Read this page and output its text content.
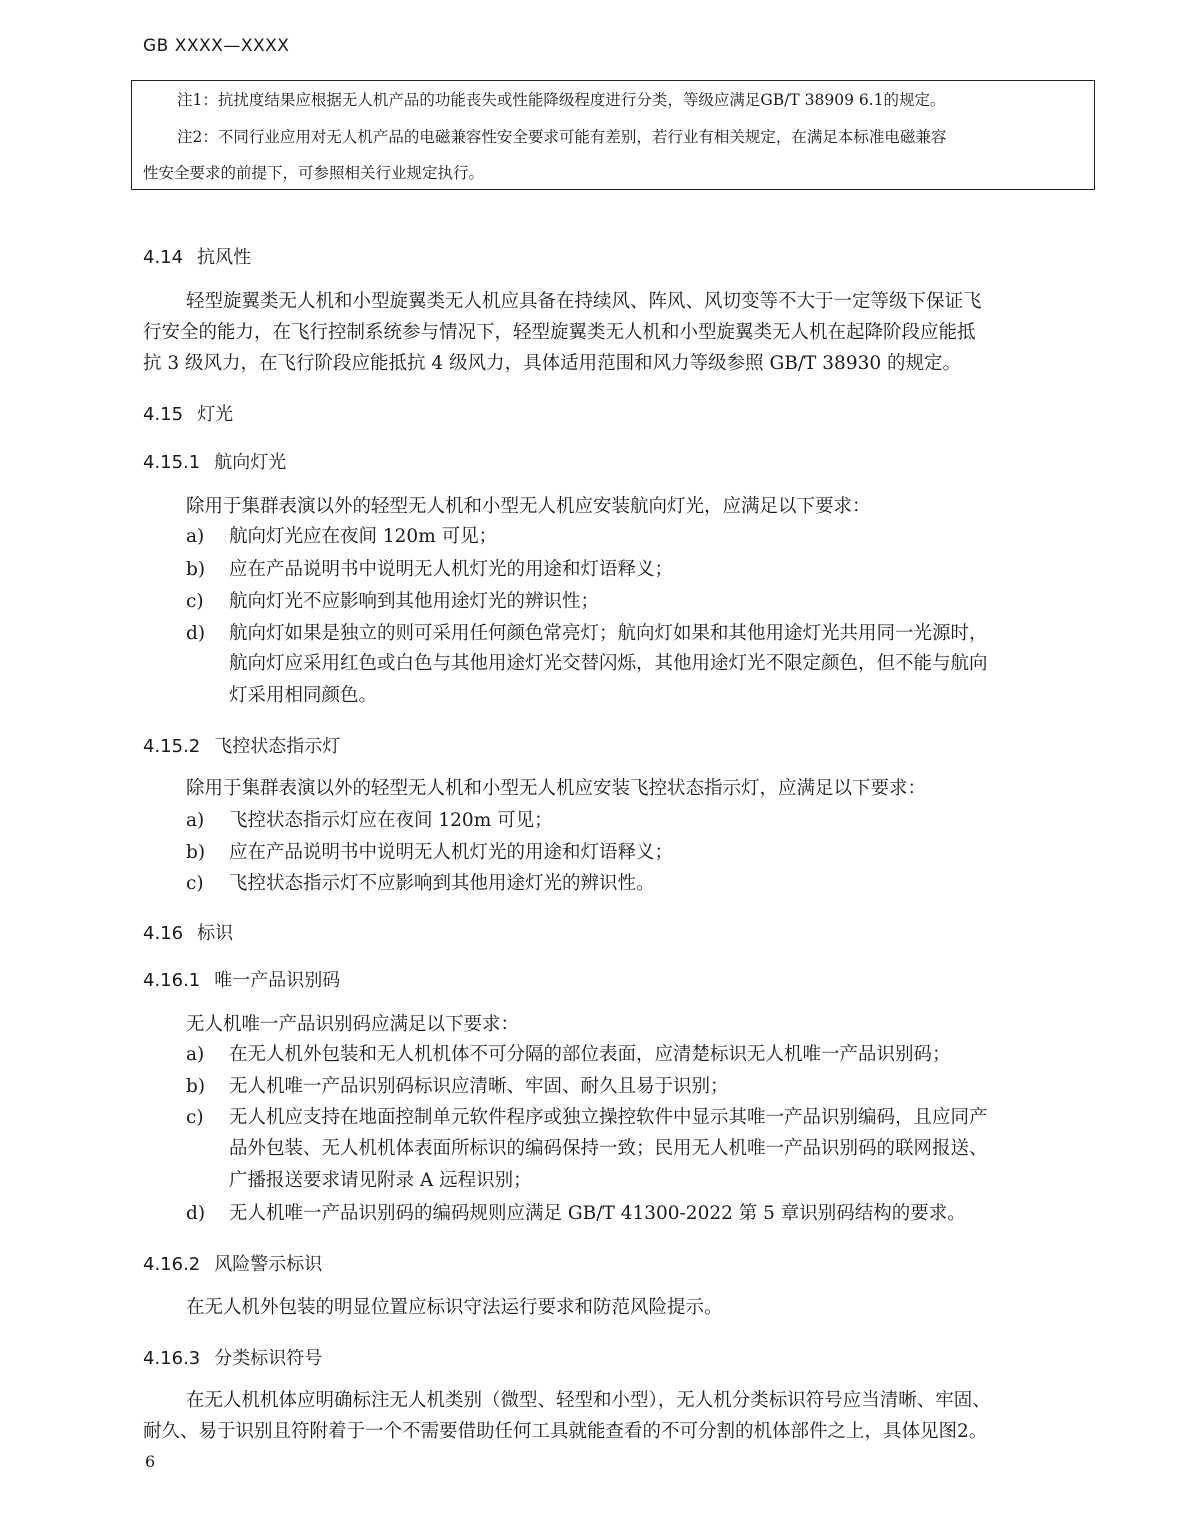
GB XXXX—XXXX
注1：抗扰度结果应根据无人机产品的功能丧失或性能降级程度进行分类，等级应满足GB/T 38909 6.1的规定。
注2：不同行业应用对无人机产品的电磁兼容性安全要求可能有差别，若行业有相关规定，在满足本标准电磁兼容
性安全要求的前提下，可参照相关行业规定执行。
4.14 抗风性
轻型旋翼类无人机和小型旋翼类无人机应具备在持续风、阵风、风切变等不大于一定等级下保证飞
行安全的能力，在飞行控制系统参与情况下，轻型旋翼类无人机和小型旋翼类无人机在起降阶段应能抵
抗 3 级风力，在飞行阶段应能抵抗 4 级风力，具体适用范围和风力等级参照 GB/T 38930 的规定。
4.15 灯光
4.15.1 航向灯光
除用于集群表演以外的轻型无人机和小型无人机应安装航向灯光，应满足以下要求：
a) 航向灯光应在夜间 120m 可见；
b) 应在产品说明书中说明无人机灯光的用途和灯语释义；
c) 航向灯光不应影响到其他用途灯光的辨识性；
d) 航向灯如果是独立的则可采用任何颜色常亮灯；航向灯如果和其他用途灯光共用同一光源时，
航向灯应采用红色或白色与其他用途灯光交替闪烁，其他用途灯光不限定颜色，但不能与航向
灯采用相同颜色。
4.15.2 飞控状态指示灯
除用于集群表演以外的轻型无人机和小型无人机应安装飞控状态指示灯，应满足以下要求：
a) 飞控状态指示灯应在夜间 120m 可见；
b) 应在产品说明书中说明无人机灯光的用途和灯语释义；
c) 飞控状态指示灯不应影响到其他用途灯光的辨识性。
4.16 标识
4.16.1 唯一产品识别码
无人机唯一产品识别码应满足以下要求：
a) 在无人机外包装和无人机机体不可分隔的部位表面，应清楚标识无人机唯一产品识别码；
b) 无人机唯一产品识别码标识应清晰、牢固、耐久且易于识别；
c) 无人机应支持在地面控制单元软件程序或独立操控软件中显示其唯一产品识别编码，且应同产
品外包装、无人机机体表面所标识的编码保持一致；民用无人机唯一产品识别码的联网报送、
广播报送要求请见附录 A 远程识别；
d) 无人机唯一产品识别码的编码规则应满足 GB/T 41300-2022 第 5 章识别码结构的要求。
4.16.2 风险警示标识
在无人机外包装的明显位置应标识守法运行要求和防范风险提示。
4.16.3 分类标识符号
在无人机机体应明确标注无人机类别（微型、轻型和小型），无人机分类标识符号应当清晰、牢固、
耐久、易于识别且符附着于一个不需要借助任何工具就能查看的不可分割的机体部件之上，具体见图2。
6
